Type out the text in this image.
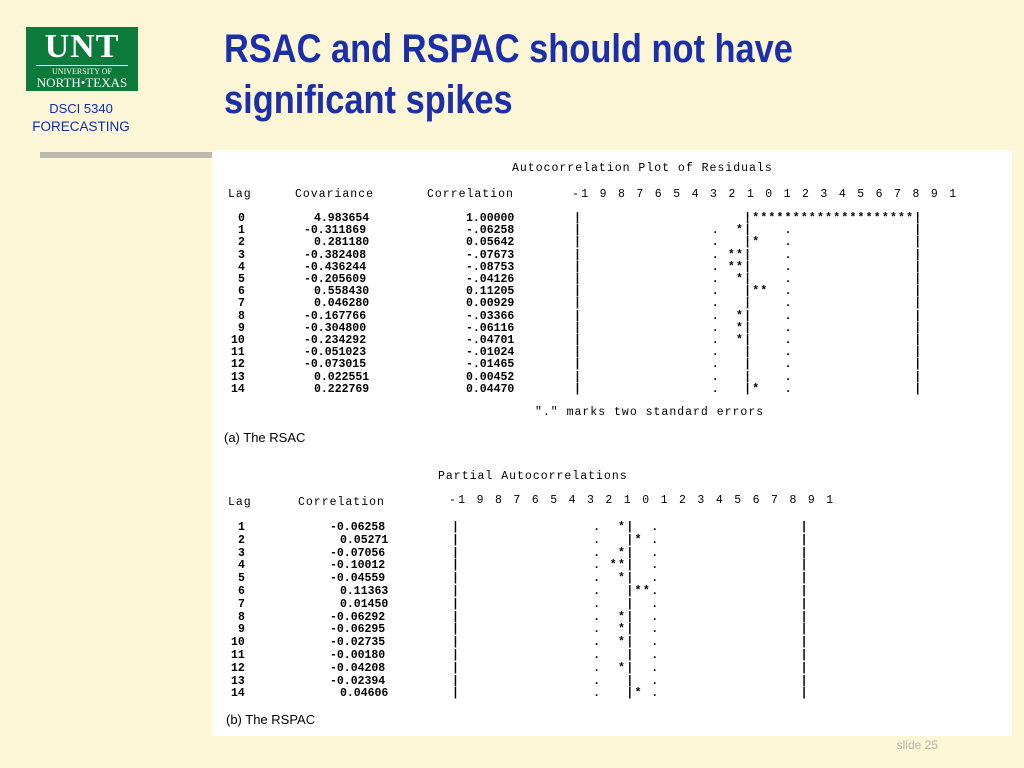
UNT
UNIVERSITY OF
NORTH•TEXAS
DSCI 5340
FORECASTING
RSAC and RSPAC should not have
significant spikes
Autocorrelation Plot of Residuals
Lag	Covariance	Correlation	-1 9 8 7 6 5 4 3 2 1 0 1 2 3 4 5 6 7 8 9 1
0	4.983654	1.00000	|                    |********************|
1	-0.311869	-.06258	|                .  *|    .               |
2	0.281180	0.05642	|                .   |*   .               |
3	-0.382408	-.07673	|                . **|    .               |
4	-0.436244	-.08753	|                . **|    .               |
5	-0.205609	-.04126	|                .  *|    .               |
6	0.558430	0.11205	|                .   |**  .               |
7	0.046280	0.00929	|                .   |    .               |
8	-0.167766	-.03366	|                .  *|    .               |
9	-0.304800	-.06116	|                .  *|    .               |
10	-0.234292	-.04701	|                .  *|    .               |
11	-0.051023	-.01024	|                .   |    .               |
12	-0.073015	-.01465	|                .   |    .               |
13	0.022551	0.00452	|                .   |    .               |
14	0.222769	0.04470	|                .   |*   .               |
"." marks two standard errors
(a) The RSAC
Partial Autocorrelations
Lag	Correlation	-1 9 8 7 6 5 4 3 2 1 0 1 2 3 4 5 6 7 8 9 1
1	-0.06258	|                .  *|  .                 |
2	0.05271	|                .   |* .                 |
3	-0.07056	|                .  *|  .                 |
4	-0.10012	|                . **|  .                 |
5	-0.04559	|                .  *|  .                 |
6	0.11363	|                .   |**.                 |
7	0.01450	|                .   |  .                 |
8	-0.06292	|                .  *|  .                 |
9	-0.06295	|                .  *|  .                 |
10	-0.02735	|                .  *|  .                 |
11	-0.00180	|                .   |  .                 |
12	-0.04208	|                .  *|  .                 |
13	-0.02394	|                .   |  .                 |
14	0.04606	|                .   |* .                 |
(b) The RSPAC
slide 25
